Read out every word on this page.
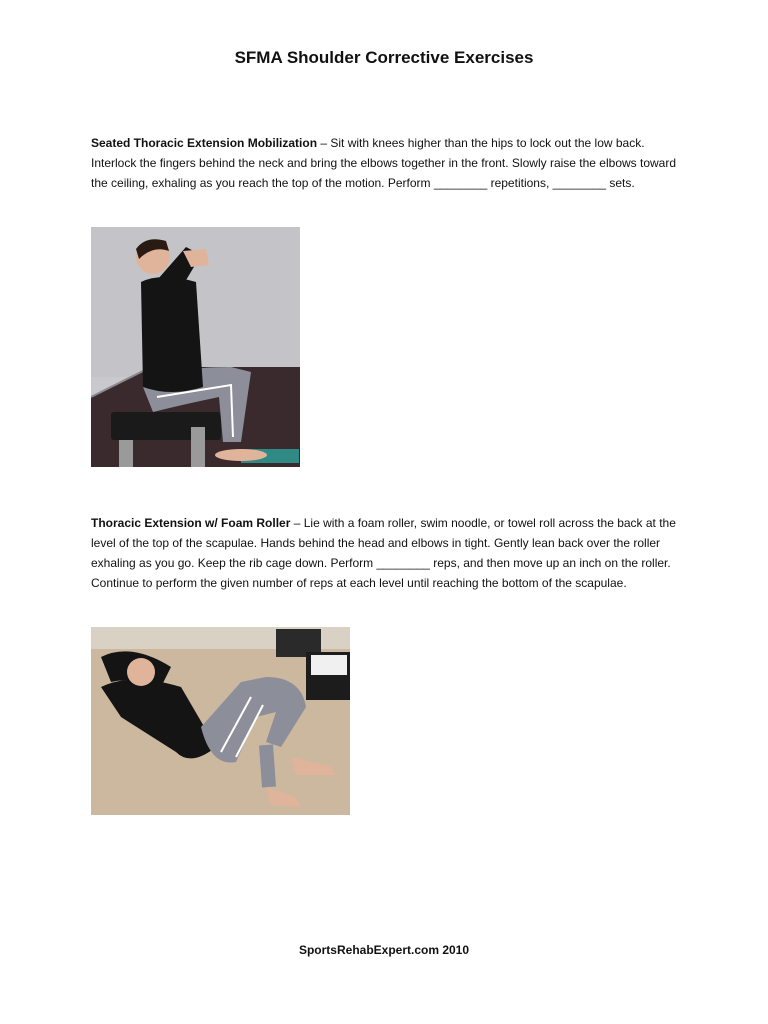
SFMA Shoulder Corrective Exercises
Seated Thoracic Extension Mobilization – Sit with knees higher than the hips to lock out the low back. Interlock the fingers behind the neck and bring the elbows together in the front. Slowly raise the elbows toward the ceiling, exhaling as you reach the top of the motion. Perform ________ repetitions, ________ sets.
Thoracic Extension w/ Foam Roller – Lie with a foam roller, swim noodle, or towel roll across the back at the level of the top of the scapulae. Hands behind the head and elbows in tight. Gently lean back over the roller exhaling as you go. Keep the rib cage down. Perform ________ reps, and then move up an inch on the roller. Continue to perform the given number of reps at each level until reaching the bottom of the scapulae.
SportsRehabExpert.com 2010
